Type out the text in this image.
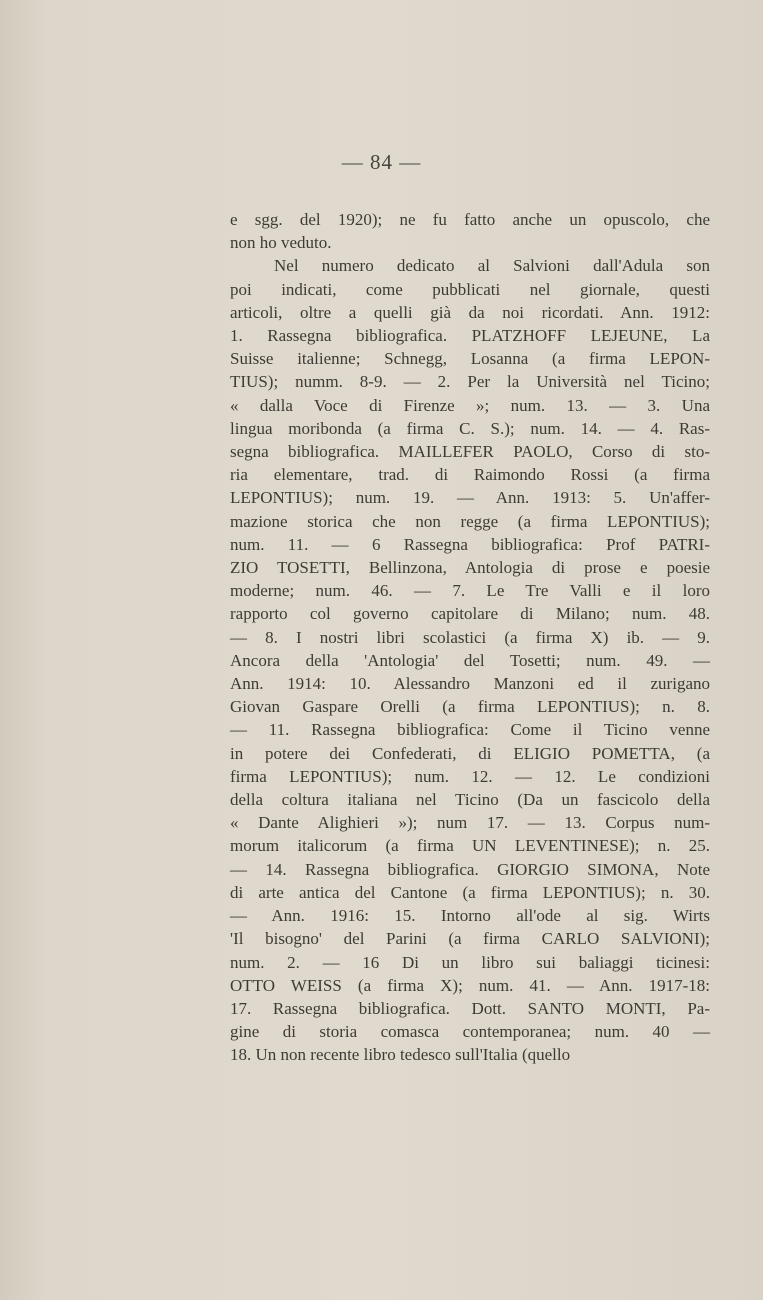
— 84 —
e sgg. del 1920); ne fu fatto anche un opuscolo, che
non ho veduto.
Nel numero dedicato al Salvioni dall'Adula son
poi indicati, come pubblicati nel giornale, questi
articoli, oltre a quelli già da noi ricordati. Ann. 1912:
1. Rassegna bibliografica. PLATZHOFF LEJEUNE, La
Suisse italienne; Schnegg, Losanna (a firma LEPON-
TIUS); numm. 8-9. — 2. Per la Università nel Ticino;
« dalla Voce di Firenze »; num. 13. — 3. Una
lingua moribonda (a firma C. S.); num. 14. — 4. Ras-
segna bibliografica. MAILLEFER PAOLO, Corso di sto-
ria elementare, trad. di Raimondo Rossi (a firma
LEPONTIUS); num. 19. — Ann. 1913: 5. Un'affer-
mazione storica che non regge (a firma LEPONTIUS);
num. 11. — 6 Rassegna bibliografica: Prof PATRI-
ZIO TOSETTI, Bellinzona, Antologia di prose e poesie
moderne; num. 46. — 7. Le Tre Valli e il loro
rapporto col governo capitolare di Milano; num. 48.
— 8. I nostri libri scolastici (a firma X) ib. — 9.
Ancora della 'Antologia' del Tosetti; num. 49. —
Ann. 1914: 10. Alessandro Manzoni ed il zurigano
Giovan Gaspare Orelli (a firma LEPONTIUS); n. 8.
— 11. Rassegna bibliografica: Come il Ticino venne
in potere dei Confederati, di ELIGIO POMETTA, (a
firma LEPONTIUS); num. 12. — 12. Le condizioni
della coltura italiana nel Ticino (Da un fascicolo della
« Dante Alighieri »); num 17. — 13. Corpus num-
morum italicorum (a firma UN LEVENTINESE); n. 25.
— 14. Rassegna bibliografica. GIORGIO SIMONA, Note
di arte antica del Cantone (a firma LEPONTIUS); n. 30.
— Ann. 1916: 15. Intorno all'ode al sig. Wirts
'Il bisogno' del Parini (a firma CARLO SALVIONI);
num. 2. — 16 Di un libro sui baliaggi ticinesi:
OTTO WEISS (a firma X); num. 41. — Ann. 1917-18:
17. Rassegna bibliografica. Dott. SANTO MONTI, Pa-
gine di storia comasca contemporanea; num. 40 —
18. Un non recente libro tedesco sull'Italia (quello
